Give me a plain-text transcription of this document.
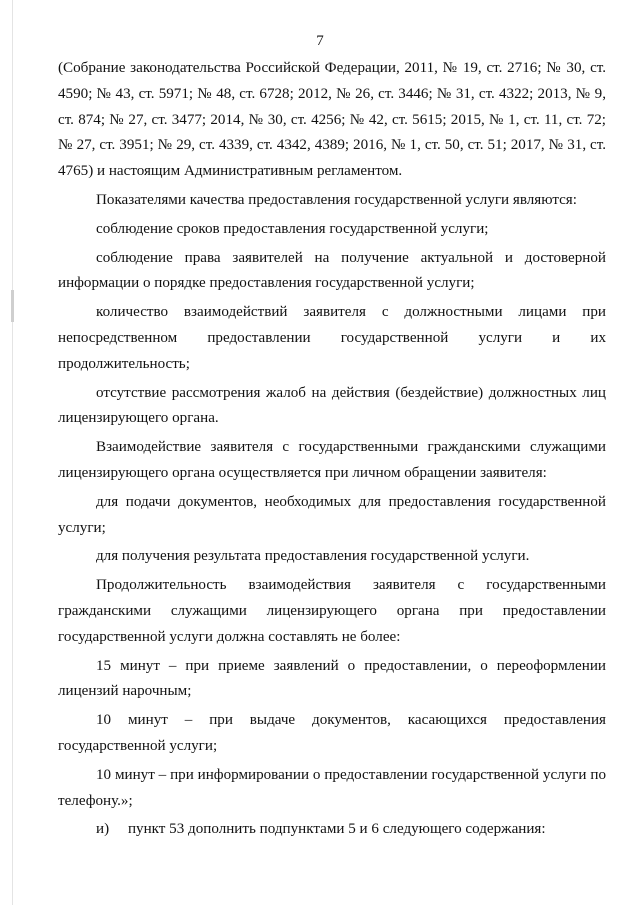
7

(Собрание законодательства Российской Федерации, 2011, № 19, ст. 2716; № 30, ст. 4590; № 43, ст. 5971; № 48, ст. 6728; 2012, № 26, ст. 3446; № 31, ст. 4322; 2013, № 9, ст. 874; № 27, ст. 3477; 2014, № 30, ст. 4256; № 42, ст. 5615; 2015, № 1, ст. 11, ст. 72; № 27, ст. 3951; № 29, ст. 4339, ст. 4342, 4389; 2016, № 1, ст. 50, ст. 51; 2017, № 31, ст. 4765) и настоящим Административным регламентом.

Показателями качества предоставления государственной услуги являются:

соблюдение сроков предоставления государственной услуги;

соблюдение права заявителей на получение актуальной и достоверной информации о порядке предоставления государственной услуги;

количество взаимодействий заявителя с должностными лицами при непосредственном предоставлении государственной услуги и их продолжительность;

отсутствие рассмотрения жалоб на действия (бездействие) должностных лиц лицензирующего органа.

Взаимодействие заявителя с государственными гражданскими служащими лицензирующего органа осуществляется при личном обращении заявителя:

для подачи документов, необходимых для предоставления государственной услуги;

для получения результата предоставления государственной услуги.

Продолжительность взаимодействия заявителя с государственными гражданскими служащими лицензирующего органа при предоставлении государственной услуги должна составлять не более:

15 минут – при приеме заявлений о предоставлении, о переоформлении лицензий нарочным;

10 минут – при выдаче документов, касающихся предоставления государственной услуги;

10 минут – при информировании о предоставлении государственной услуги по телефону.»;

и)     пункт 53 дополнить подпунктами 5 и 6 следующего содержания:
